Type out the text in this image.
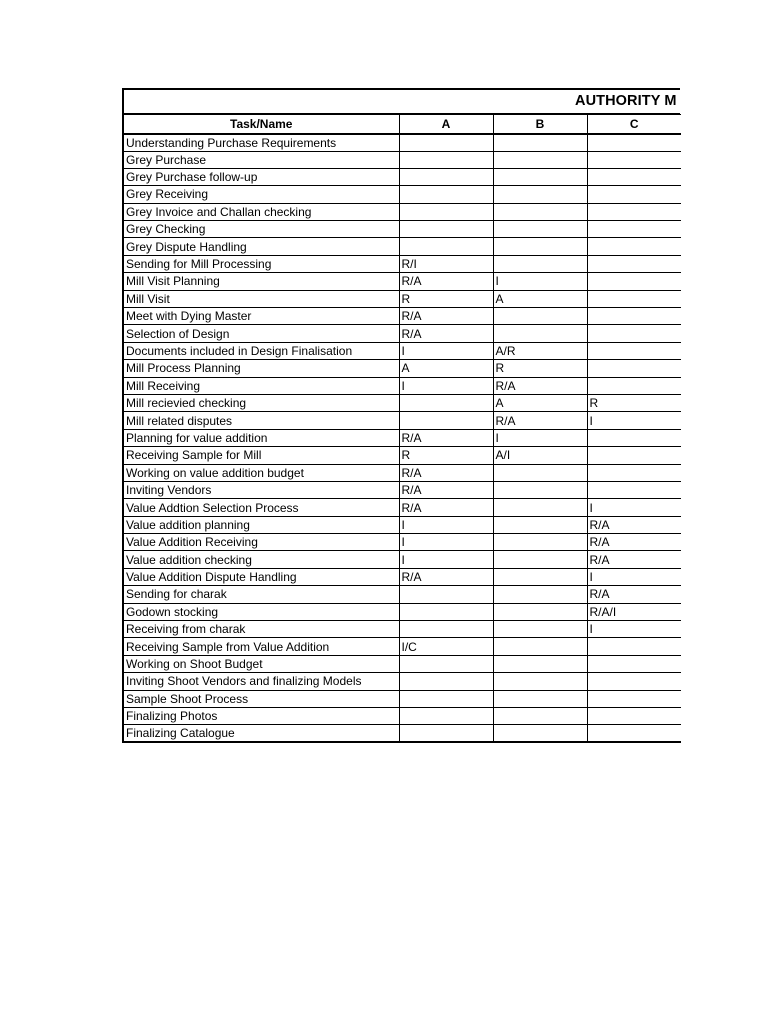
AUTHORITY M
Task/Name	A	B	C
Understanding Purchase Requirements			
Grey Purchase			
Grey Purchase follow-up			
Grey Receiving			
Grey Invoice and Challan checking			
Grey Checking			
Grey Dispute Handling			
Sending for Mill Processing	R/I		
Mill Visit Planning	R/A	I	
Mill Visit	R	A	
Meet with Dying Master	R/A		
Selection of Design	R/A		
Documents included in Design Finalisation	I	A/R	
Mill Process Planning	A	R	
Mill Receiving	I	R/A	
Mill recievied checking		A	R
Mill related disputes		R/A	I
Planning for value addition	R/A	I	
Receiving Sample for Mill	R	A/I	
Working on value addition budget	R/A		
Inviting Vendors	R/A		
Value Addtion Selection Process	R/A		I
Value addition planning	I		R/A
Value Addition Receiving	I		R/A
Value addition checking	I		R/A
Value Addition Dispute Handling	R/A		I
Sending for charak			R/A
Godown stocking			R/A/I
Receiving from charak			I
Receiving Sample from Value Addition	I/C		
Working on Shoot Budget			
Inviting Shoot Vendors and finalizing Models			
Sample Shoot Process			
Finalizing Photos			
Finalizing Catalogue			
